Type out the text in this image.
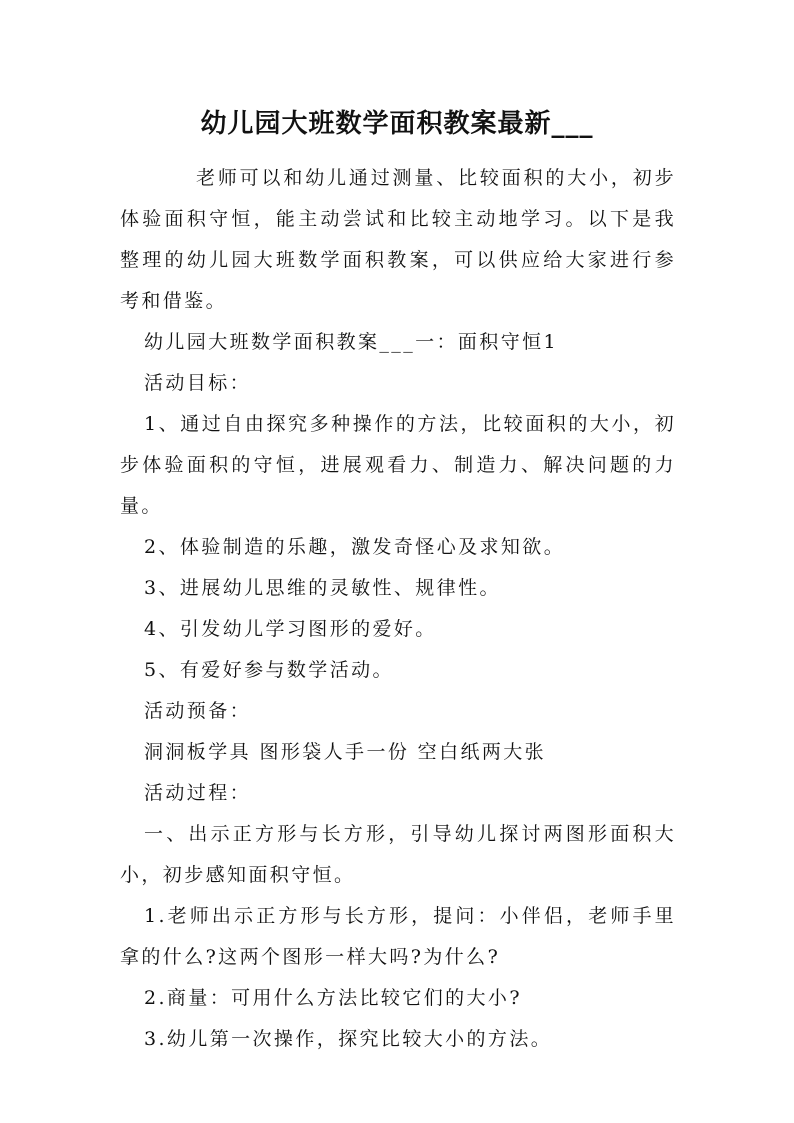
幼儿园大班数学面积教案最新___

老师可以和幼儿通过测量、比较面积的大小，初步体验面积守恒，能主动尝试和比较主动地学习。以下是我整理的幼儿园大班数学面积教案，可以供应给大家进行参考和借鉴。

幼儿园大班数学面积教案___一：面积守恒1

活动目标：

1、通过自由探究多种操作的方法，比较面积的大小，初步体验面积的守恒，进展观看力、制造力、解决问题的力量。

2、体验制造的乐趣，激发奇怪心及求知欲。

3、进展幼儿思维的灵敏性、规律性。

4、引发幼儿学习图形的爱好。

5、有爱好参与数学活动。

活动预备：

洞洞板学具 图形袋人手一份 空白纸两大张

活动过程：

一、出示正方形与长方形，引导幼儿探讨两图形面积大小，初步感知面积守恒。

1.老师出示正方形与长方形，提问：小伴侣，老师手里拿的什么?这两个图形一样大吗?为什么?

2.商量：可用什么方法比较它们的大小?

3.幼儿第一次操作，探究比较大小的方法。
